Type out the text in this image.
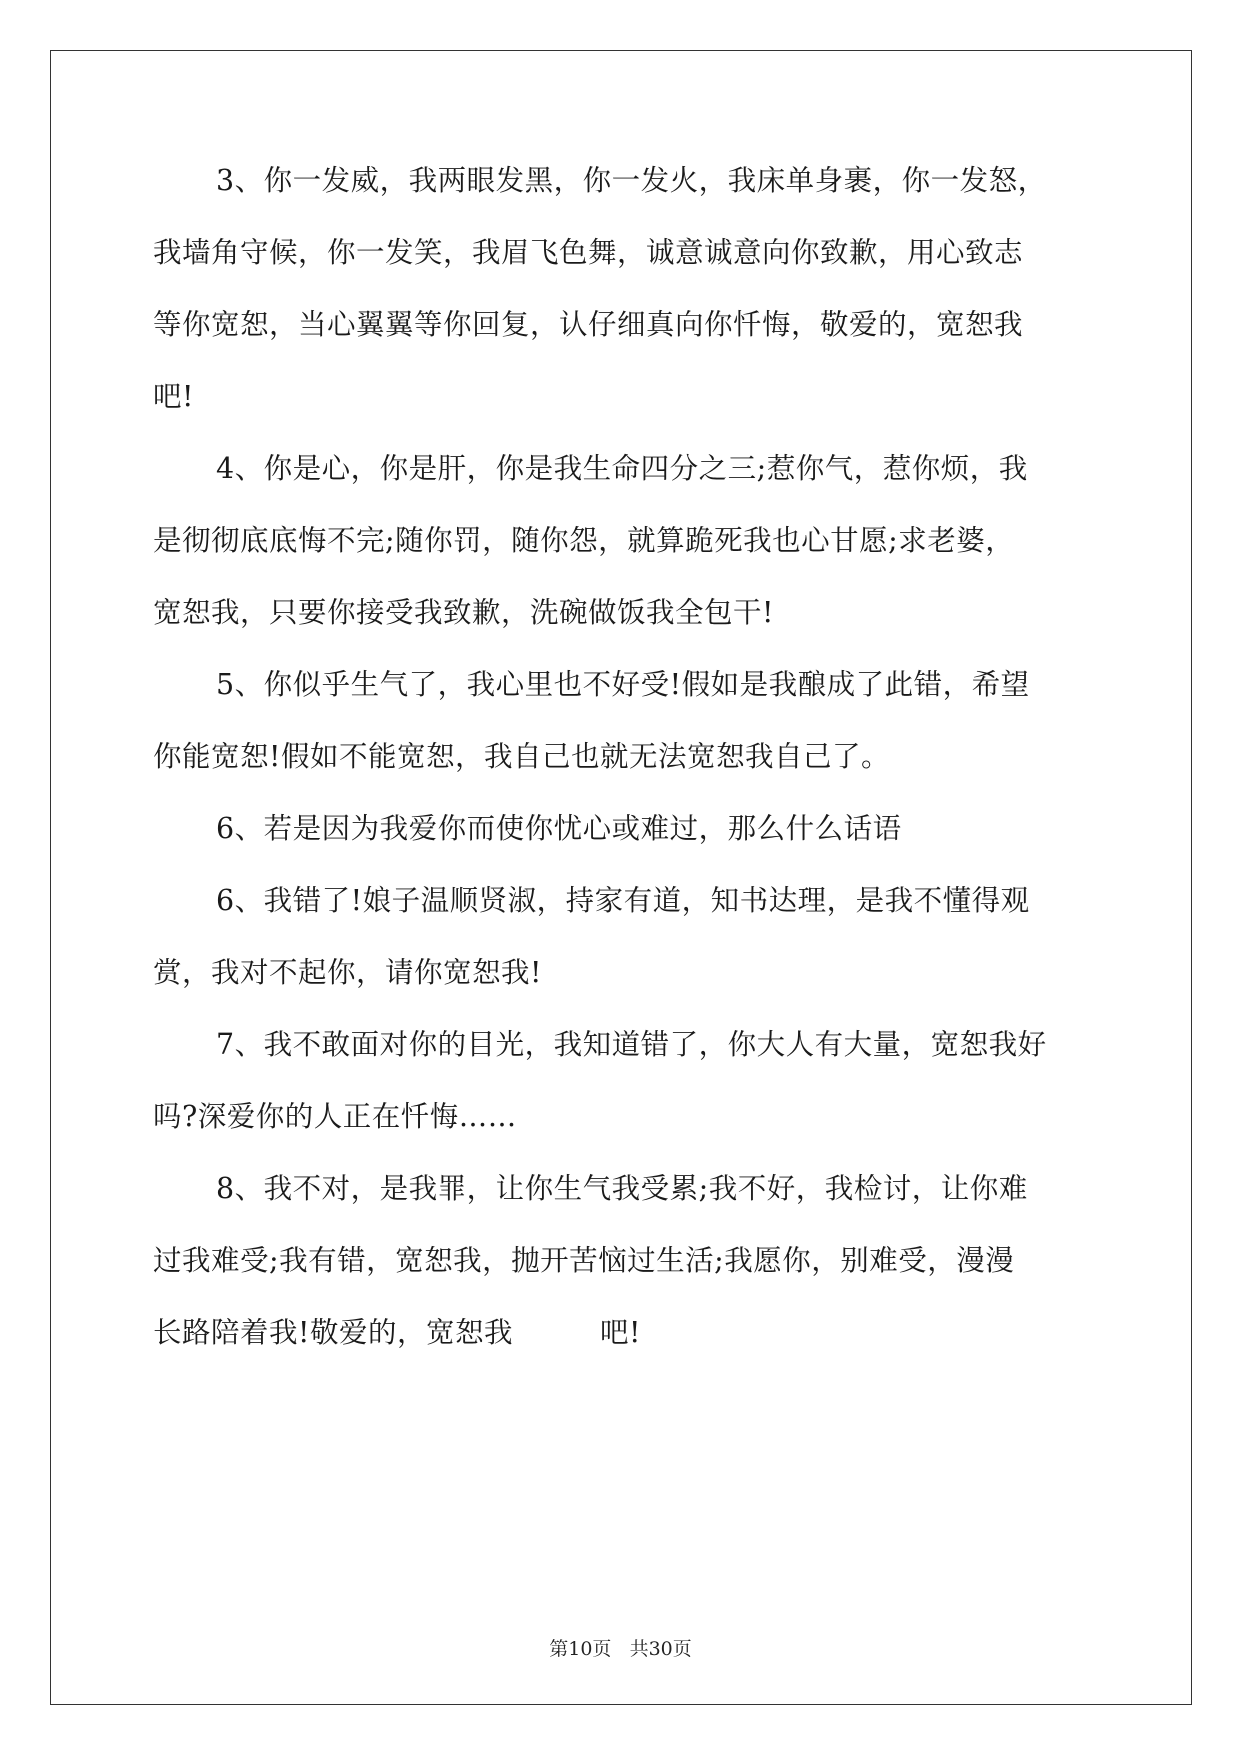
3、你一发威，我两眼发黑，你一发火，我床单身裹，你一发怒，
我墙角守候，你一发笑，我眉飞色舞，诚意诚意向你致歉，用心致志
等你宽恕，当心翼翼等你回复，认仔细真向你忏悔，敬爱的，宽恕我
吧!
4、你是心，你是肝，你是我生命四分之三;惹你气，惹你烦，我
是彻彻底底悔不完;随你罚，随你怨，就算跪死我也心甘愿;求老婆，
宽恕我，只要你接受我致歉，洗碗做饭我全包干!
5、你似乎生气了，我心里也不好受!假如是我酿成了此错，希望
你能宽恕!假如不能宽恕，我自己也就无法宽恕我自己了。
6、若是因为我爱你而使你忧心或难过，那么什么话语
6、我错了!娘子温顺贤淑，持家有道，知书达理，是我不懂得观
赏，我对不起你，请你宽恕我!
7、我不敢面对你的目光，我知道错了，你大人有大量，宽恕我好
吗?深爱你的人正在忏悔……
8、我不对，是我罪，让你生气我受累;我不好，我检讨，让你难
过我难受;我有错，宽恕我，抛开苦恼过生活;我愿你，别难受，漫漫
长路陪着我!敬爱的，宽恕我　　　吧!
第10页 共30页
